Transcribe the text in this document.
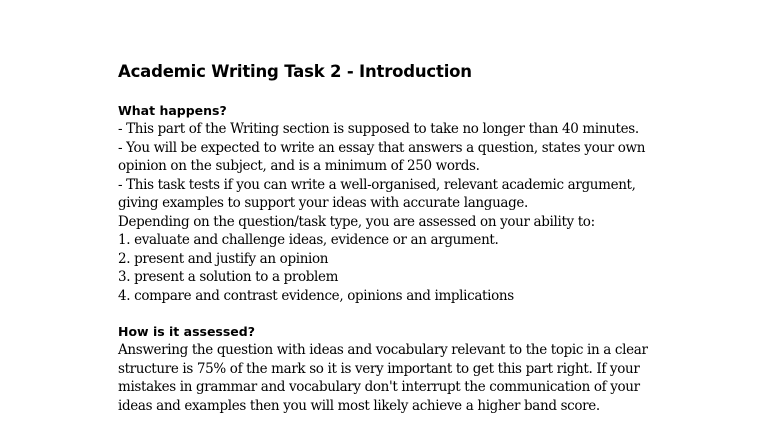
Academic Writing Task 2 - Introduction

What happens?

- This part of the Writing section is supposed to take no longer than 40 minutes.

- You will be expected to write an essay that answers a question, states your own

opinion on the subject, and is a minimum of 250 words.

- This task tests if you can write a well-organised, relevant academic argument,

giving examples to support your ideas with accurate language.

Depending on the question/task type, you are assessed on your ability to:

1. evaluate and challenge ideas, evidence or an argument.

2. present and justify an opinion

3. present a solution to a problem

4. compare and contrast evidence, opinions and implications

How is it assessed?

Answering the question with ideas and vocabulary relevant to the topic in a clear

structure is 75% of the mark so it is very important to get this part right. If your

mistakes in grammar and vocabulary don't interrupt the communication of your

ideas and examples then you will most likely achieve a higher band score.
